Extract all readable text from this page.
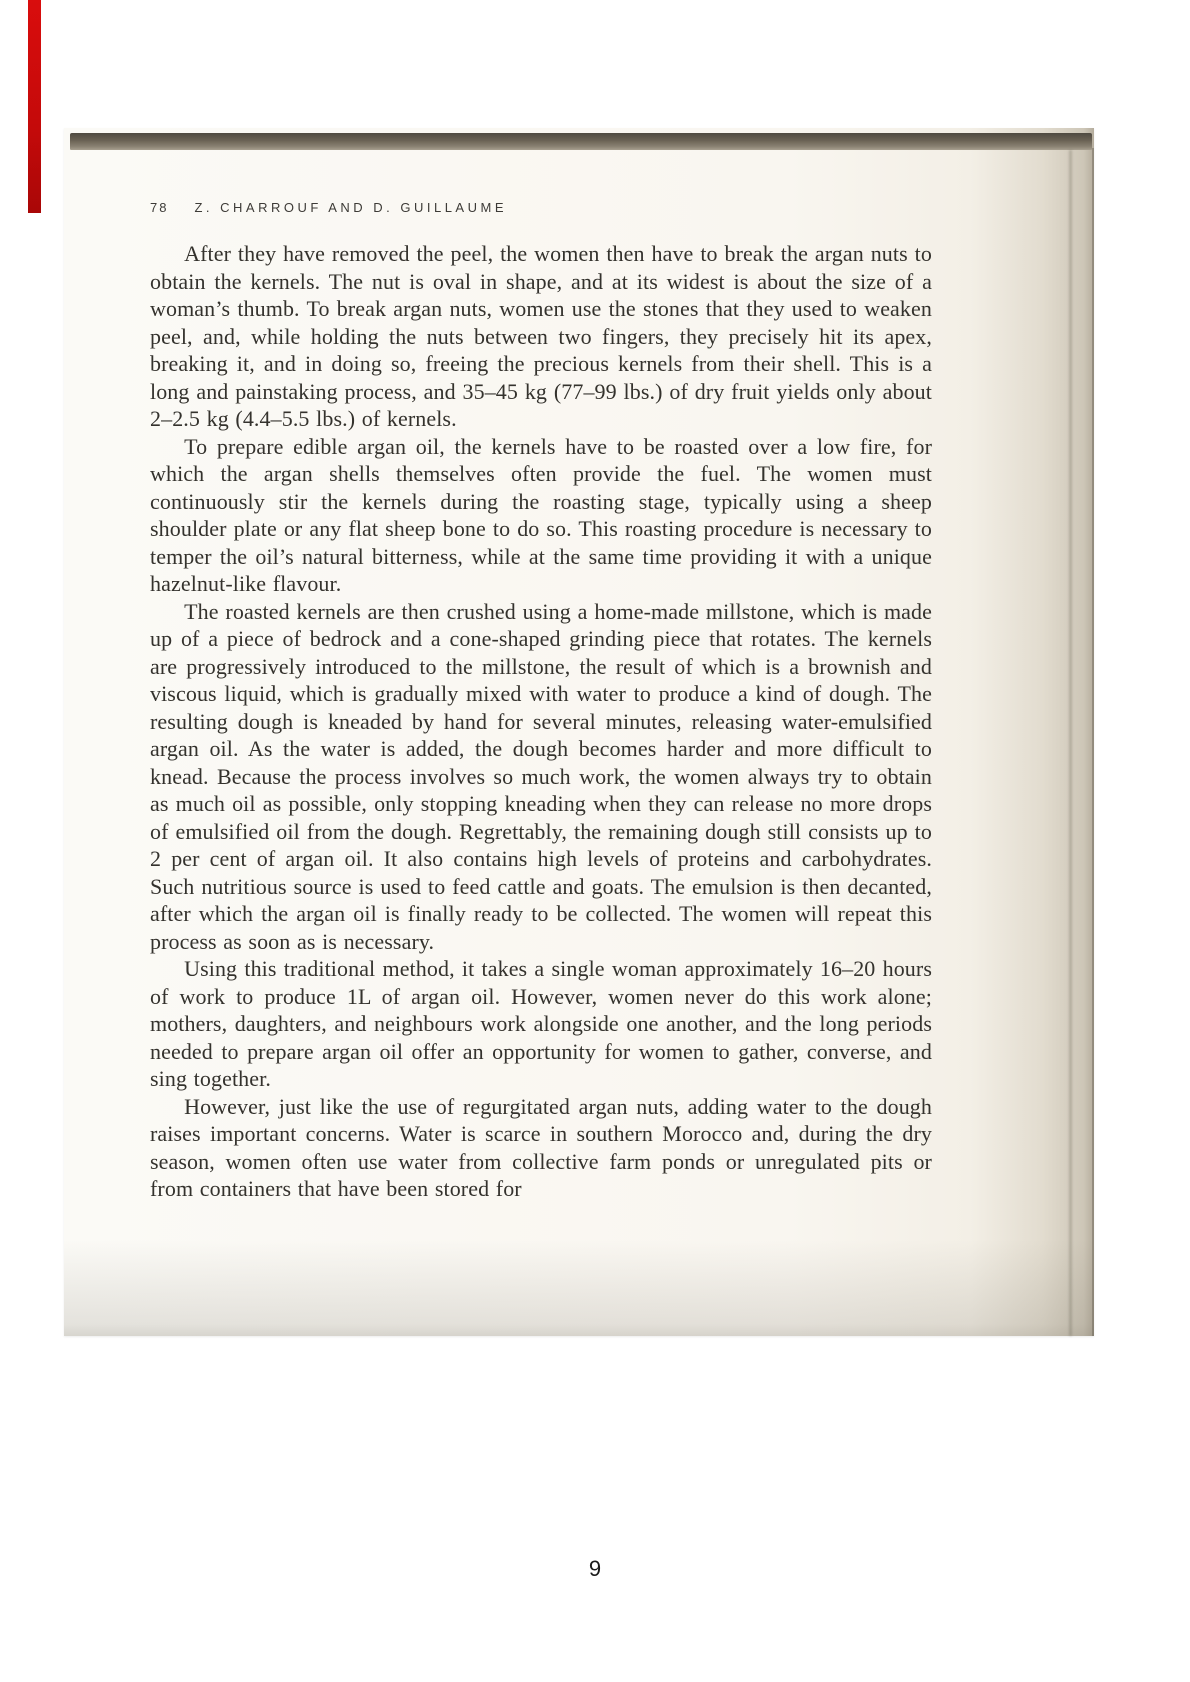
78 Z. CHARROUF AND D. GUILLAUME

After they have removed the peel, the women then have to break the argan nuts to obtain the kernels. The nut is oval in shape, and at its widest is about the size of a woman’s thumb. To break argan nuts, women use the stones that they used to weaken peel, and, while holding the nuts between two fingers, they precisely hit its apex, breaking it, and in doing so, freeing the precious kernels from their shell. This is a long and painstaking process, and 35–45 kg (77–99 lbs.) of dry fruit yields only about 2–2.5 kg (4.4–5.5 lbs.) of kernels.

To prepare edible argan oil, the kernels have to be roasted over a low fire, for which the argan shells themselves often provide the fuel. The women must continuously stir the kernels during the roasting stage, typically using a sheep shoulder plate or any flat sheep bone to do so. This roasting procedure is necessary to temper the oil’s natural bitterness, while at the same time providing it with a unique hazelnut-like flavour.

The roasted kernels are then crushed using a home-made millstone, which is made up of a piece of bedrock and a cone-shaped grinding piece that rotates. The kernels are progressively introduced to the millstone, the result of which is a brownish and viscous liquid, which is gradually mixed with water to produce a kind of dough. The resulting dough is kneaded by hand for several minutes, releasing water-emulsified argan oil. As the water is added, the dough becomes harder and more difficult to knead. Because the process involves so much work, the women always try to obtain as much oil as possible, only stopping kneading when they can release no more drops of emulsified oil from the dough. Regrettably, the remaining dough still consists up to 2 per cent of argan oil. It also contains high levels of proteins and carbohydrates. Such nutritious source is used to feed cattle and goats. The emulsion is then decanted, after which the argan oil is finally ready to be collected. The women will repeat this process as soon as is necessary.

Using this traditional method, it takes a single woman approximately 16–20 hours of work to produce 1L of argan oil. However, women never do this work alone; mothers, daughters, and neighbours work alongside one another, and the long periods needed to prepare argan oil offer an opportunity for women to gather, converse, and sing together.

However, just like the use of regurgitated argan nuts, adding water to the dough raises important concerns. Water is scarce in southern Morocco and, during the dry season, women often use water from collective farm ponds or unregulated pits or from containers that have been stored for

9
